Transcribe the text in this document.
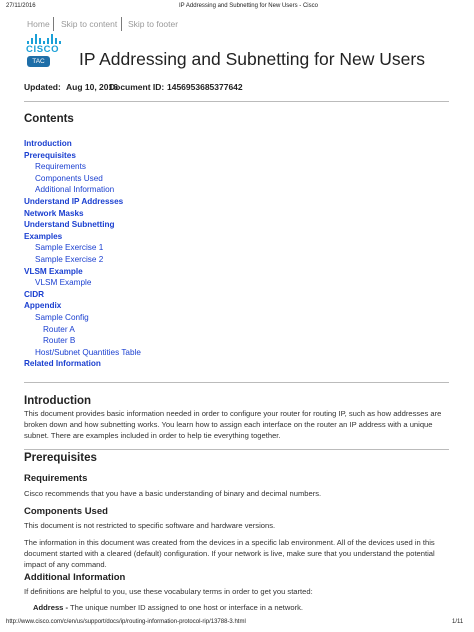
27/11/2016	IP Addressing and Subnetting for New Users - Cisco
Home Skip to content Skip to footer
CISCO
TAC IP Addressing and Subnetting for New Users
Updated: Aug 10, 2016
Document ID: 1456953685377642
Contents
Introduction
Prerequisites
Requirements
Components Used
Additional Information
Understand IP Addresses
Network Masks
Understand Subnetting
Examples
Sample Exercise 1
Sample Exercise 2
VLSM Example
VLSM Example
CIDR
Appendix
Sample Config
Router A
Router B
Host/Subnet Quantities Table
Related Information
Introduction
This document provides basic information needed in order to configure your router for routing IP, such as how addresses are broken down and how subnetting works. You learn how to assign each interface on the router an IP address with a unique subnet. There are examples included in order to help tie everything together.
Prerequisites
Requirements
Cisco recommends that you have a basic understanding of binary and decimal numbers.
Components Used
This document is not restricted to specific software and hardware versions.
The information in this document was created from the devices in a specific lab environment. All of the devices used in this document started with a cleared (default) configuration. If your network is live, make sure that you understand the potential impact of any command.
Additional Information
If definitions are helpful to you, use these vocabulary terms in order to get you started:
Address - The unique number ID assigned to one host or interface in a network.
http://www.cisco.com/c/en/us/support/docs/ip/routing-information-protocol-rip/13788-3.html	1/11
